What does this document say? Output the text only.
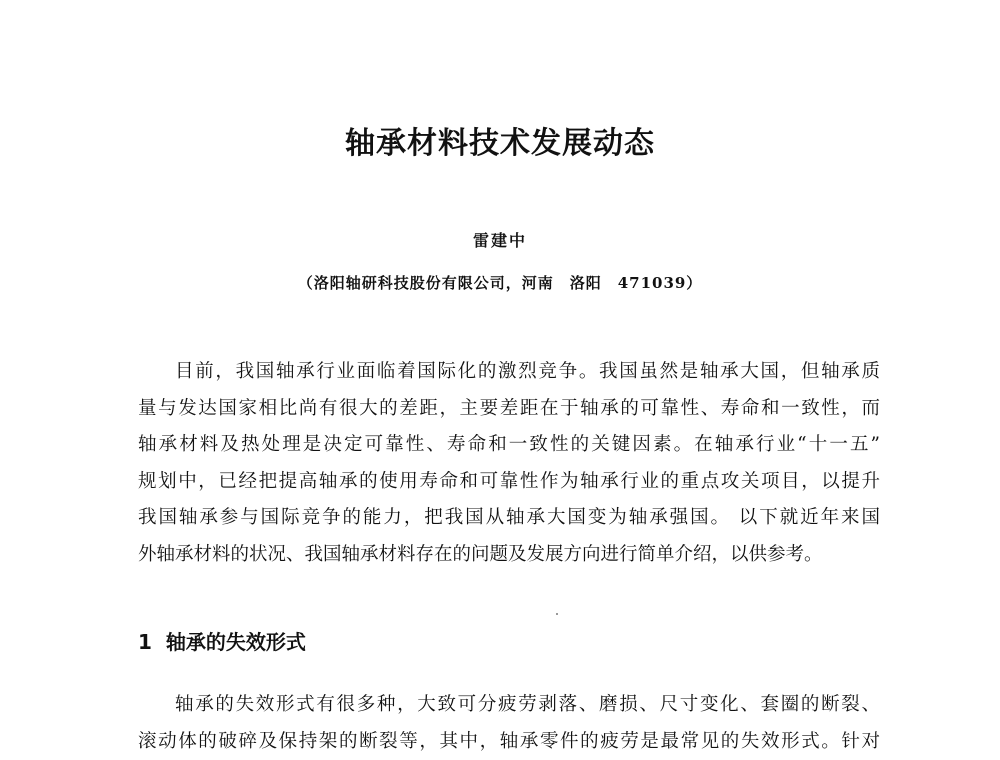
轴承材料技术发展动态
雷建中
（洛阳轴研科技股份有限公司，河南　洛阳　471039）
目前，我国轴承行业面临着国际化的激烈竞争。我国虽然是轴承大国，但轴承质
量与发达国家相比尚有很大的差距，主要差距在于轴承的可靠性、寿命和一致性，而
轴承材料及热处理是决定可靠性、寿命和一致性的关键因素。在轴承行业“十一五”
规划中，已经把提高轴承的使用寿命和可靠性作为轴承行业的重点攻关项目，以提升
我国轴承参与国际竞争的能力，把我国从轴承大国变为轴承强国。 以下就近年来国
外轴承材料的状况、我国轴承材料存在的问题及发展方向进行简单介绍，以供参考。
1 轴承的失效形式
轴承的失效形式有很多种，大致可分疲劳剥落、磨损、尺寸变化、套圈的断裂、
滚动体的破碎及保持架的断裂等，其中，轴承零件的疲劳是最常见的失效形式。针对
